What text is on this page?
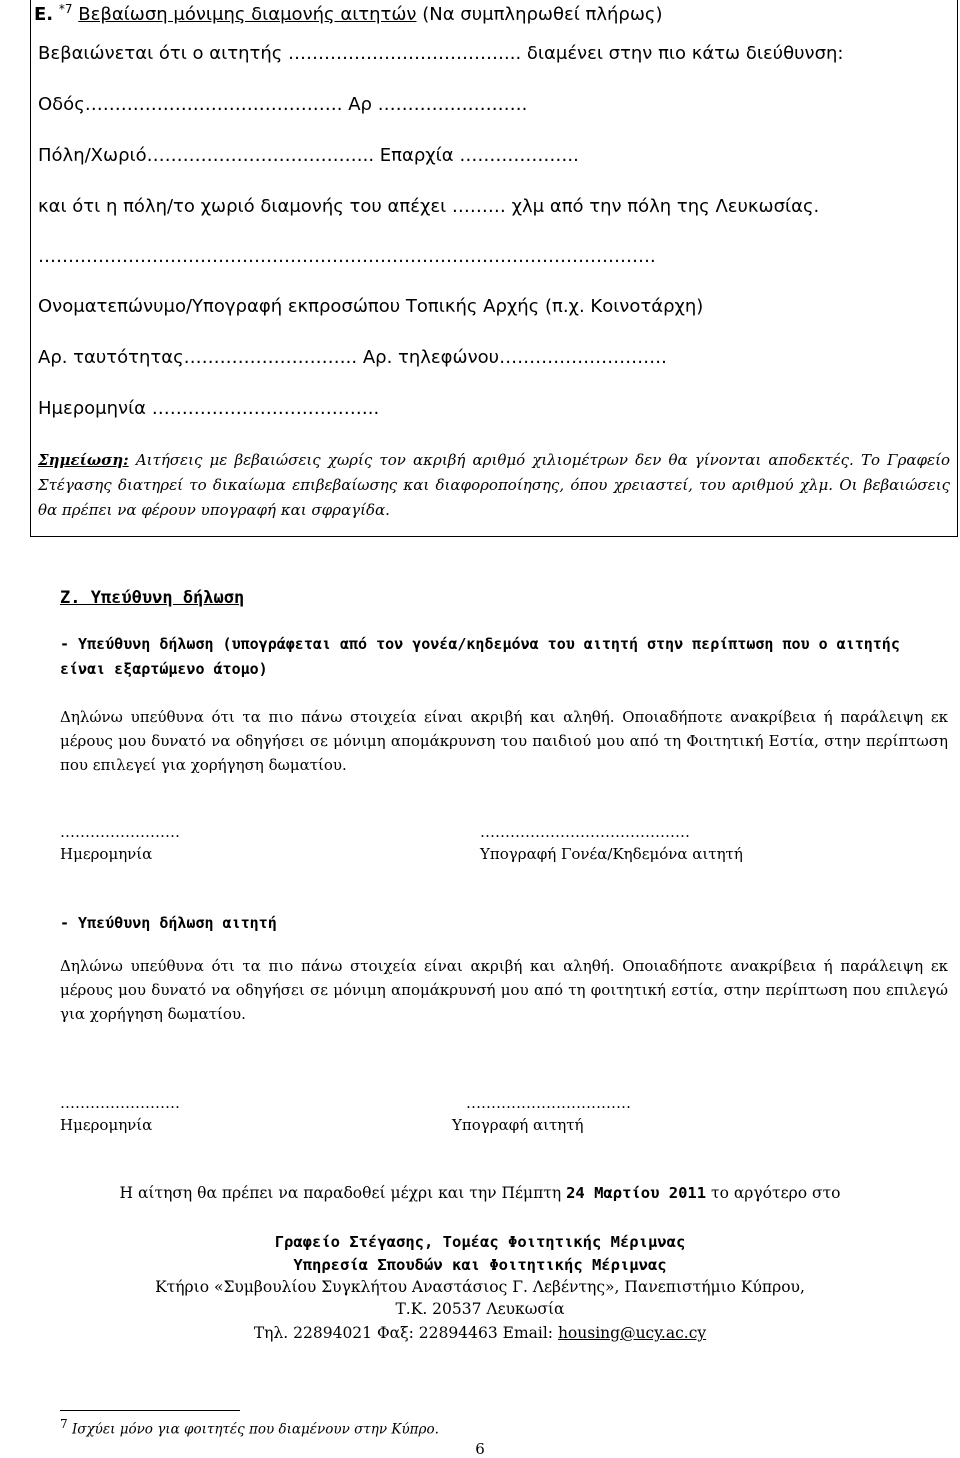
Ε. $^{*7}$ Βεβαίωση μόνιμης διαμονής αιτητών (Να συμπληρωθεί πλήρως)
Βεβαιώνεται ότι ο αιτητής ………………………………... διαμένει στην πιο κάτω διεύθυνση:
Οδός……………………………………. Αρ …………………….
Πόλη/Χωριό……………………………….. Επαρχία ………………..
και ότι η πόλη/το χωριό διαμονής του απέχει ……… χλμ από την πόλη της Λευκωσίας.
………………………………………………………………………………………….
Ονοματεπώνυμο/Υπογραφή εκπροσώπου Τοπικής Αρχής (π.χ. Κοινοτάρχη)
Αρ. ταυτότητας……………………….. Αρ. τηλεφώνου……………………….
Ημερομηνία ………………………………..
Σημείωση: Αιτήσεις με βεβαιώσεις χωρίς τον ακριβή αριθμό χιλιομέτρων δεν θα γίνονται αποδεκτές. Το Γραφείο Στέγασης διατηρεί το δικαίωμα επιβεβαίωσης και διαφοροποίησης, όπου χρειαστεί, του αριθμού χλμ. Οι βεβαιώσεις θα πρέπει να φέρουν υπογραφή και σφραγίδα.
Ζ. Υπεύθυνη δήλωση
- Υπεύθυνη δήλωση (υπογράφεται από τον γονέα/κηδεμόνα του αιτητή στην περίπτωση που ο αιτητής είναι εξαρτώμενο άτομο)
Δηλώνω υπεύθυνα ότι τα πιο πάνω στοιχεία είναι ακριβή και αληθή. Οποιαδήποτε ανακρίβεια ή παράλειψη εκ μέρους μου δυνατό να οδηγήσει σε μόνιμη απομάκρυνση του παιδιού μου από τη Φοιτητική Εστία, στην περίπτωση που επιλεγεί για χορήγηση δωματίου.
……………………
Ημερομηνία
……………………………………
Υπογραφή Γονέα/Κηδεμόνα αιτητή
- Υπεύθυνη δήλωση αιτητή
Δηλώνω υπεύθυνα ότι τα πιο πάνω στοιχεία είναι ακριβή και αληθή. Οποιαδήποτε ανακρίβεια ή παράλειψη εκ μέρους μου δυνατό να οδηγήσει σε μόνιμη απομάκρυνσή μου από τη φοιτητική εστία, στην περίπτωση που επιλεγώ για χορήγηση δωματίου.
……………………
Ημερομηνία
……………………………
Υπογραφή αιτητή
Η αίτηση θα πρέπει να παραδοθεί μέχρι και την Πέμπτη 24 Μαρτίου 2011 το αργότερο στο
Γραφείο Στέγασης, Τομέας Φοιτητικής Μέριμνας
Υπηρεσία Σπουδών και Φοιτητικής Μέριμνας
Κτήριο «Συμβουλίου Συγκλήτου Αναστάσιος Γ. Λεβέντης», Πανεπιστήμιο Κύπρου,
Τ.Κ. 20537 Λευκωσία
Τηλ. 22894021 Φαξ: 22894463 Email: housing@ucy.ac.cy
$^7$ Ισχύει μόνο για φοιτητές που διαμένουν στην Κύπρο.
6
